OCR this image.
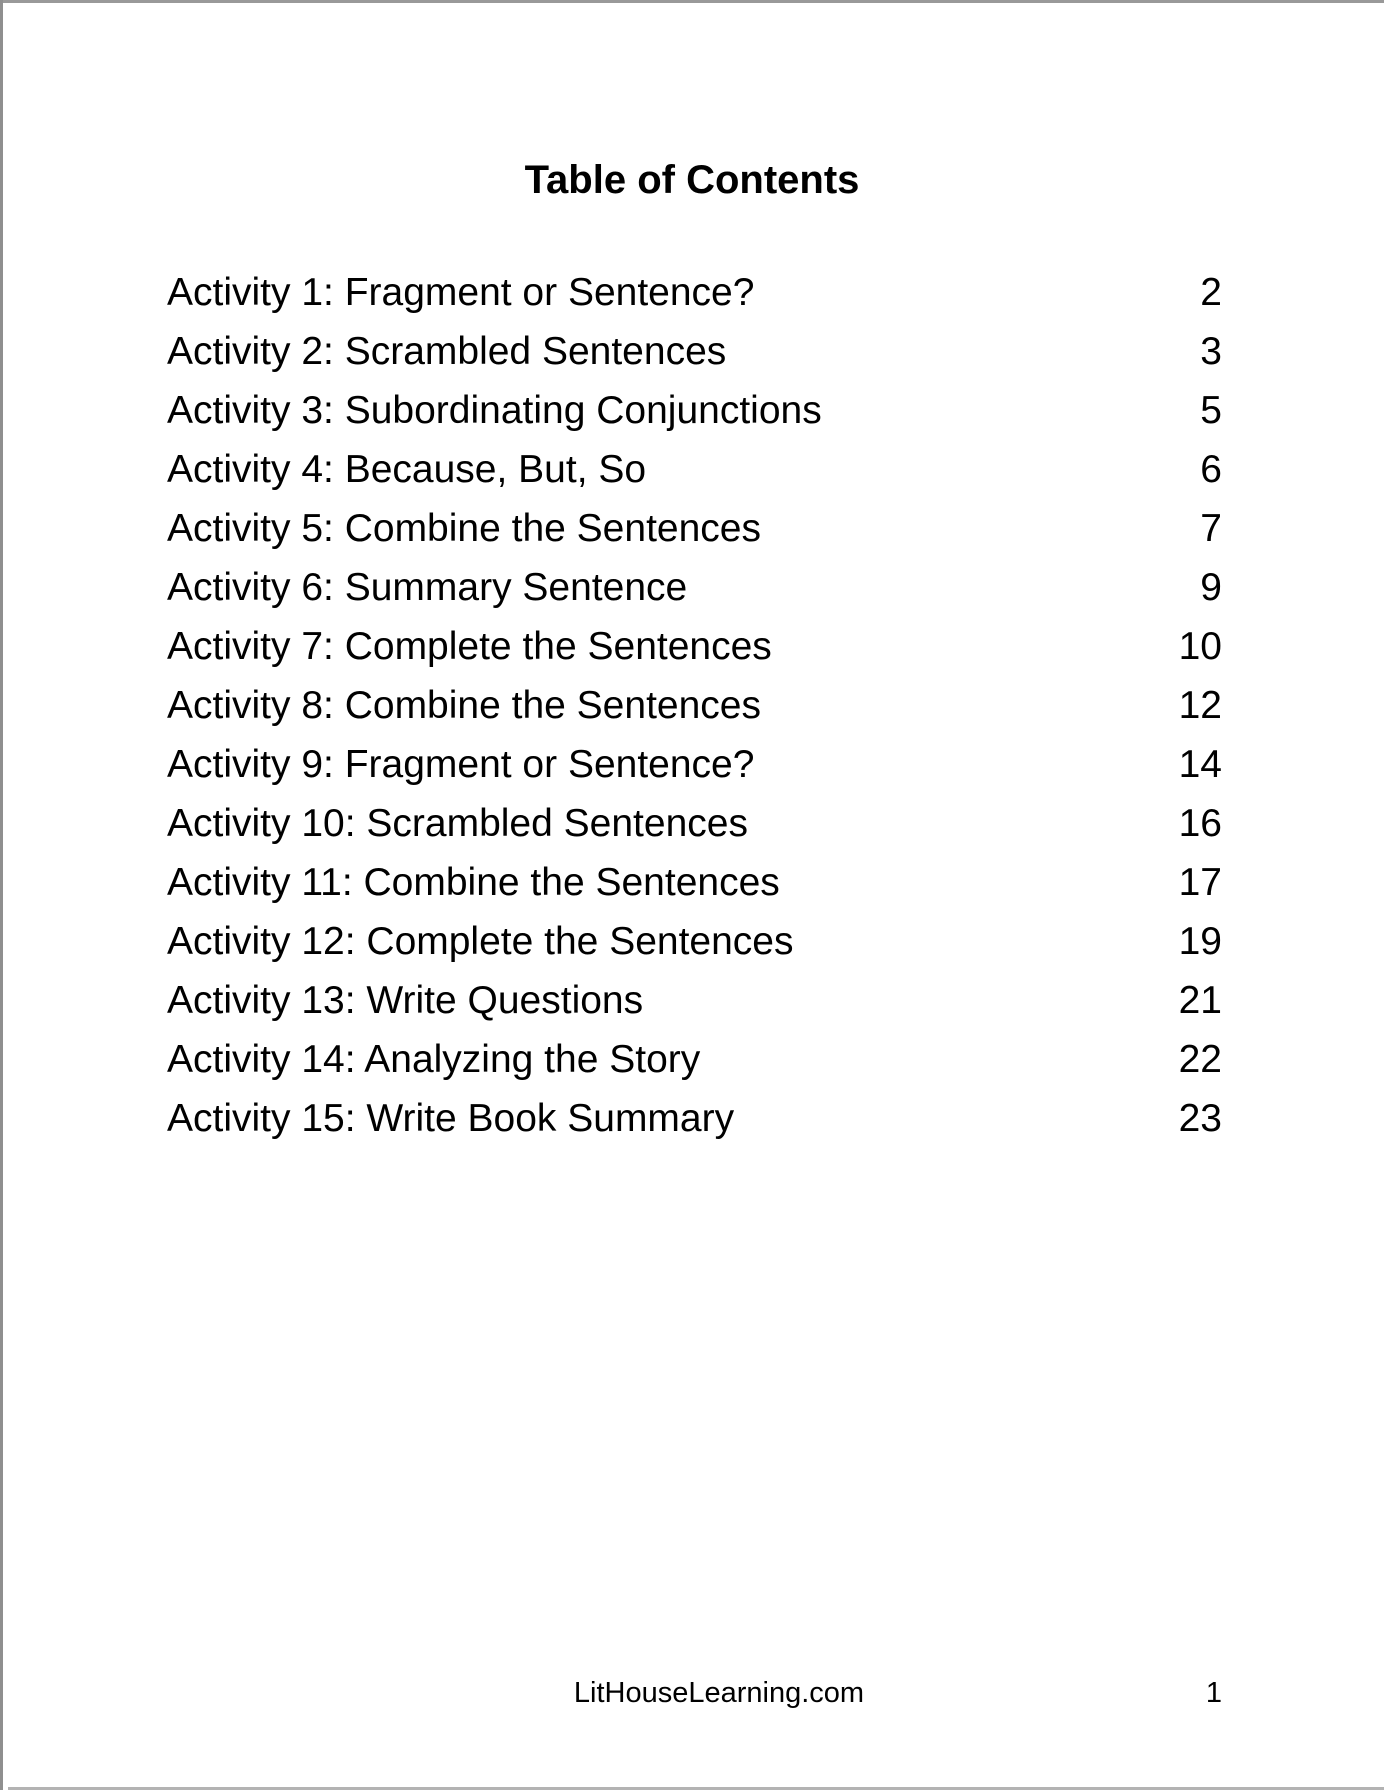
Table of Contents
Activity 1: Fragment or Sentence?	2
Activity 2: Scrambled Sentences	3
Activity 3: Subordinating Conjunctions	5
Activity 4: Because, But, So	6
Activity 5: Combine the Sentences	7
Activity 6: Summary Sentence	9
Activity 7: Complete the Sentences	10
Activity 8: Combine the Sentences	12
Activity 9: Fragment or Sentence?	14
Activity 10: Scrambled Sentences	16
Activity 11: Combine the Sentences	17
Activity 12: Complete the Sentences	19
Activity 13: Write Questions	21
Activity 14: Analyzing the Story	22
Activity 15: Write Book Summary	23
LitHouseLearning.com	1
